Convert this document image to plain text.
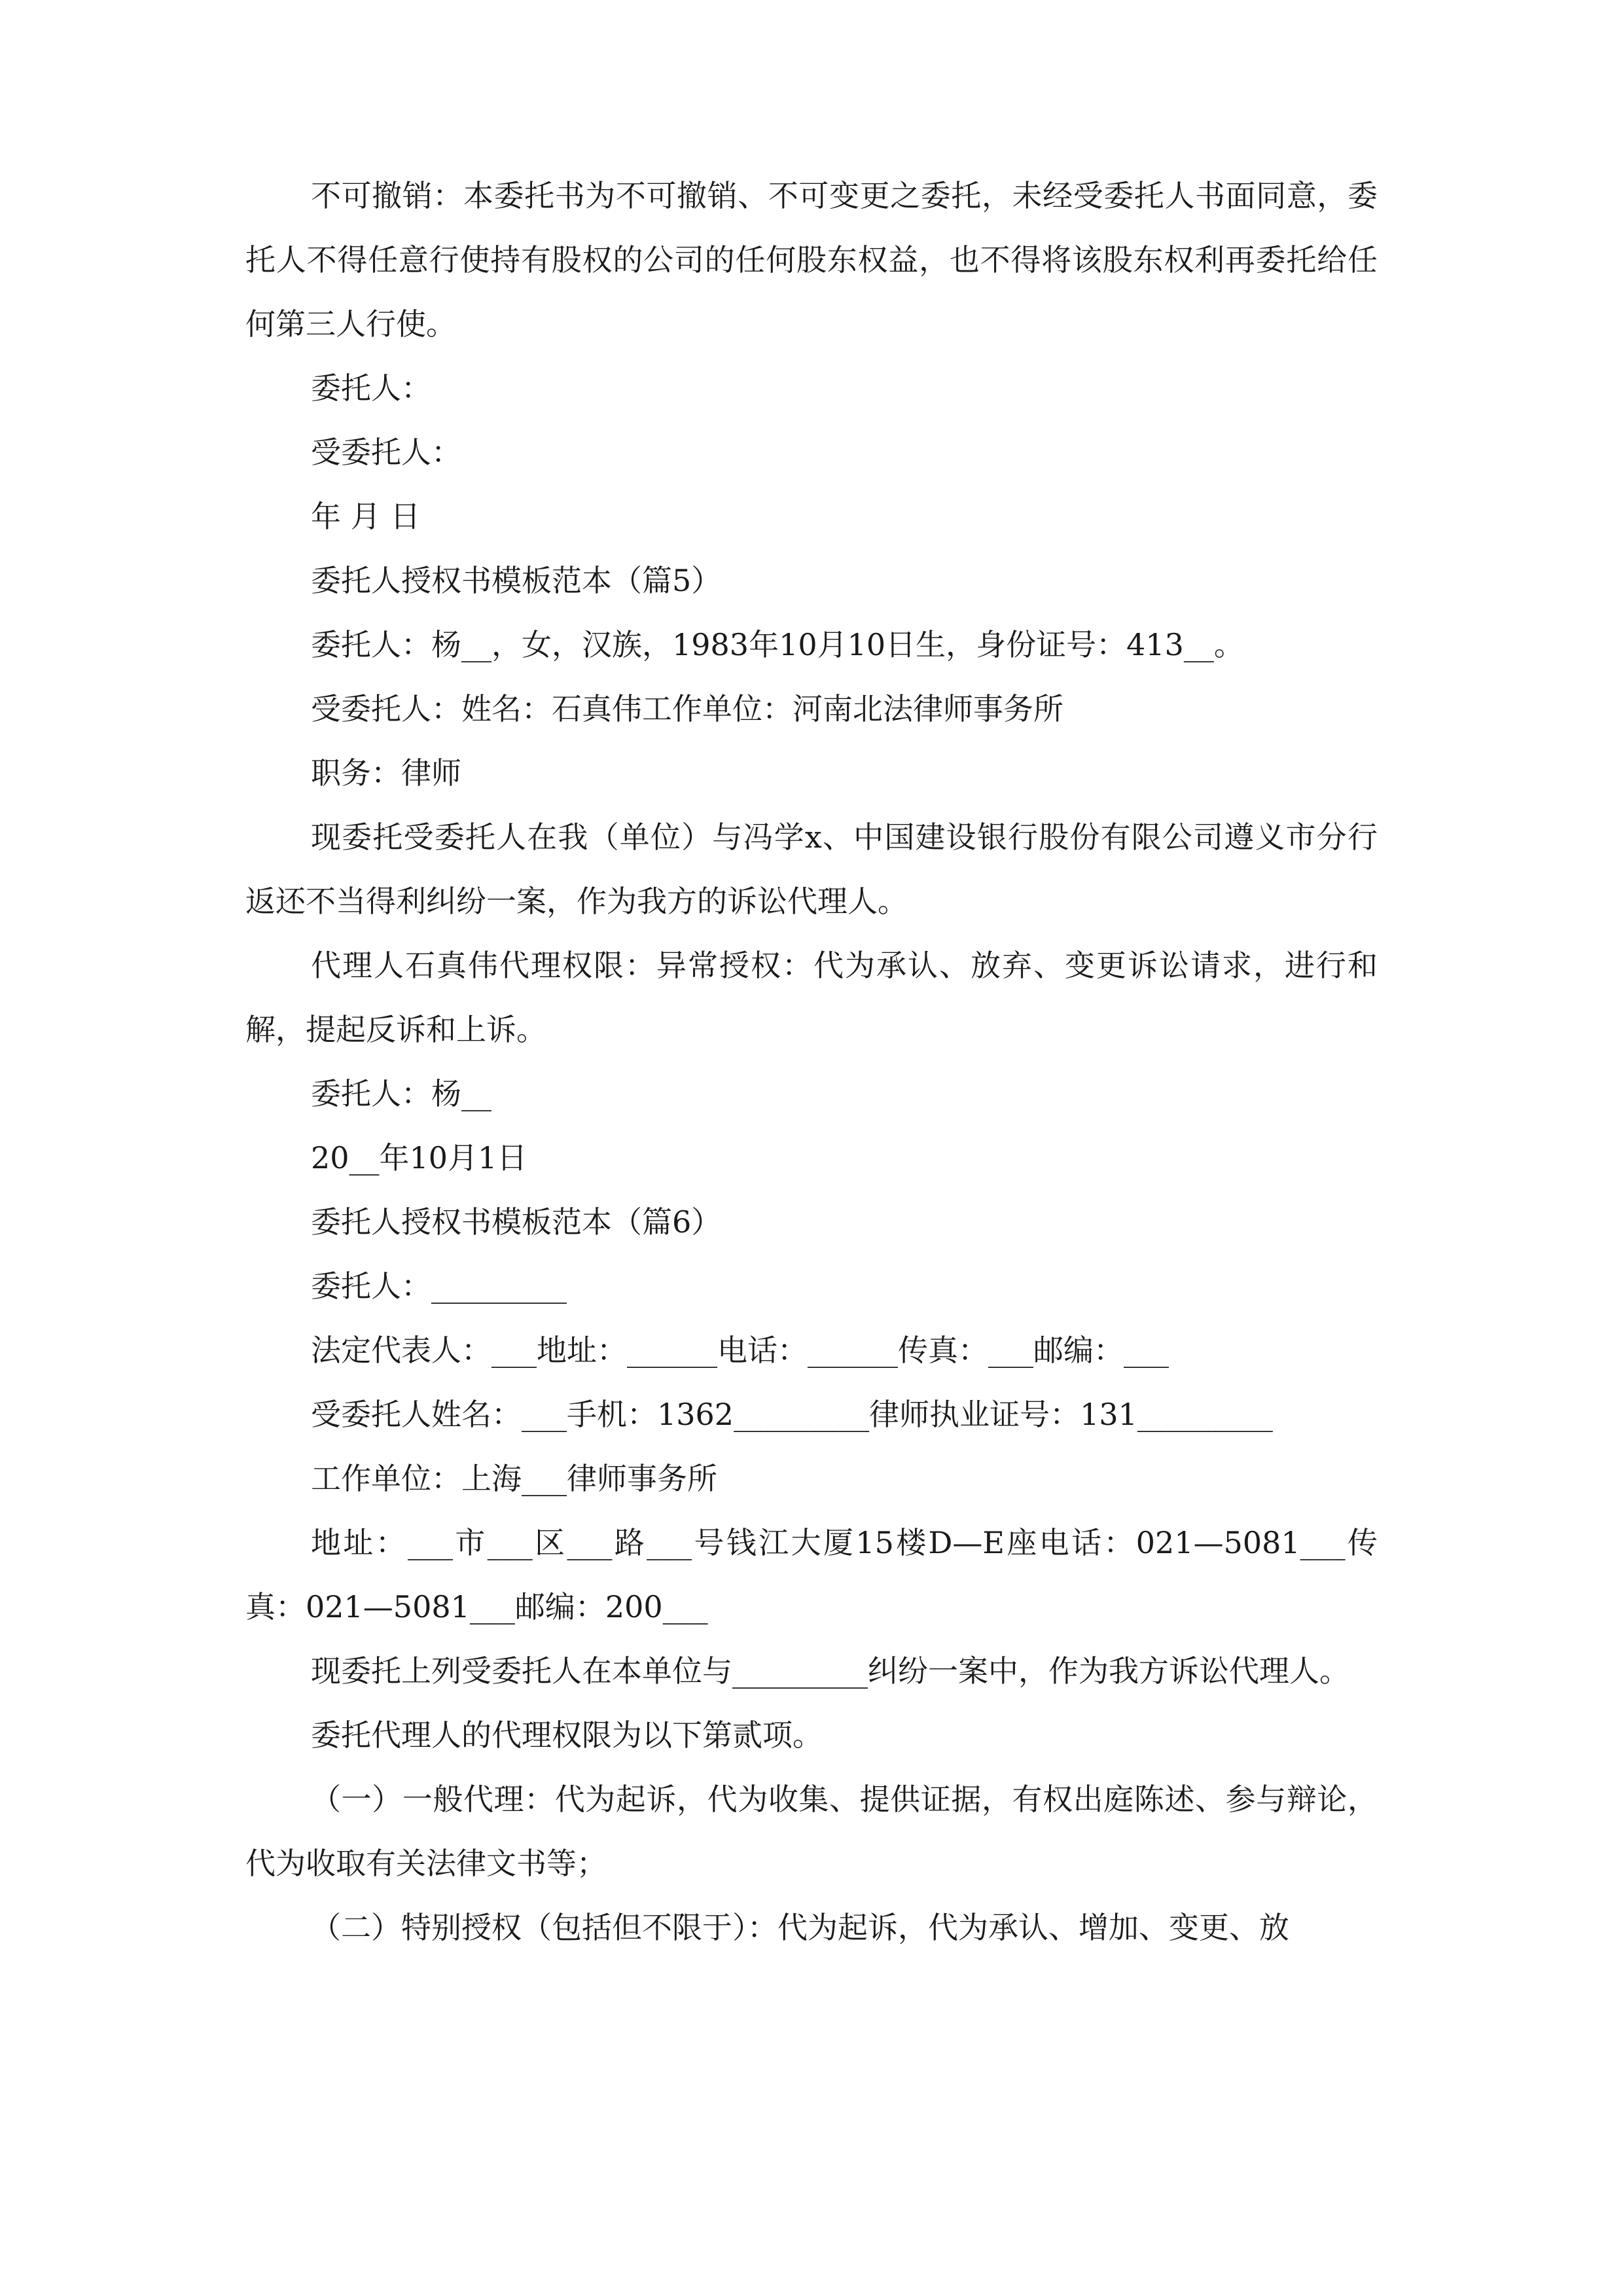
不可撤销：本委托书为不可撤销、不可变更之委托，未经受委托人书面同意，委托人不得任意行使持有股权的公司的任何股东权益，也不得将该股东权利再委托给任何第三人行使。

委托人：

受委托人：

年 月 日

委托人授权书模板范本（篇5）

委托人：杨__，女，汉族，1983年10月10日生，身份证号：413__。

受委托人：姓名：石真伟工作单位：河南北法律师事务所

职务：律师

现委托受委托人在我（单位）与冯学x、中国建设银行股份有限公司遵义市分行返还不当得利纠纷一案，作为我方的诉讼代理人。

代理人石真伟代理权限：异常授权：代为承认、放弃、变更诉讼请求，进行和解，提起反诉和上诉。

委托人：杨__

20__年10月1日

委托人授权书模板范本（篇6）

委托人：_________

法定代表人：___地址：______电话：______传真：___邮编：___

受委托人姓名：___手机：1362_________律师执业证号：131_________

工作单位：上海___律师事务所

地址：___市___区___路___号钱江大厦15楼D—E座电话：021—5081___传真：021—5081___邮编：200___

现委托上列受委托人在本单位与_________纠纷一案中，作为我方诉讼代理人。

委托代理人的代理权限为以下第贰项。

（一）一般代理：代为起诉，代为收集、提供证据，有权出庭陈述、参与辩论，代为收取有关法律文书等；

（二）特别授权（包括但不限于）：代为起诉，代为承认、增加、变更、放
